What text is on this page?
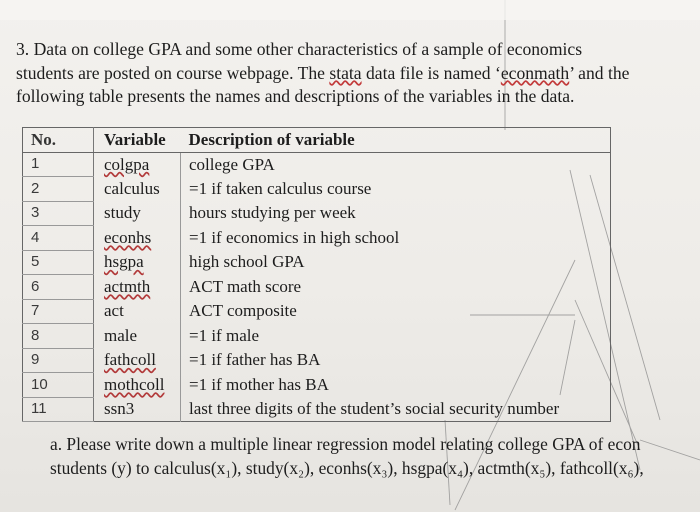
3. Data on college GPA and some other characteristics of a sample of economics

students are posted on course webpage. The stata data file is named ‘econmath’ and the

following table presents the names and descriptions of the variables in the data.

No.	Variable	Description of variable
1	colgpa	college GPA
2	calculus	=1 if taken calculus course
3	study	hours studying per week
4	econhs	=1 if economics in high school
5	hsgpa	high school GPA
6	actmth	ACT math score
7	act	ACT composite
8	male	=1 if male
9	fathcoll	=1 if father has BA
10	mothcoll	=1 if mother has BA
11	ssn3	last three digits of the student’s social security number

a. Please write down a multiple linear regression model relating college GPA of econ

students (y) to calculus(x₁), study(x₂), econhs(x₃), hsgpa(x₄), actmth(x₅), fathcoll(x₆),
